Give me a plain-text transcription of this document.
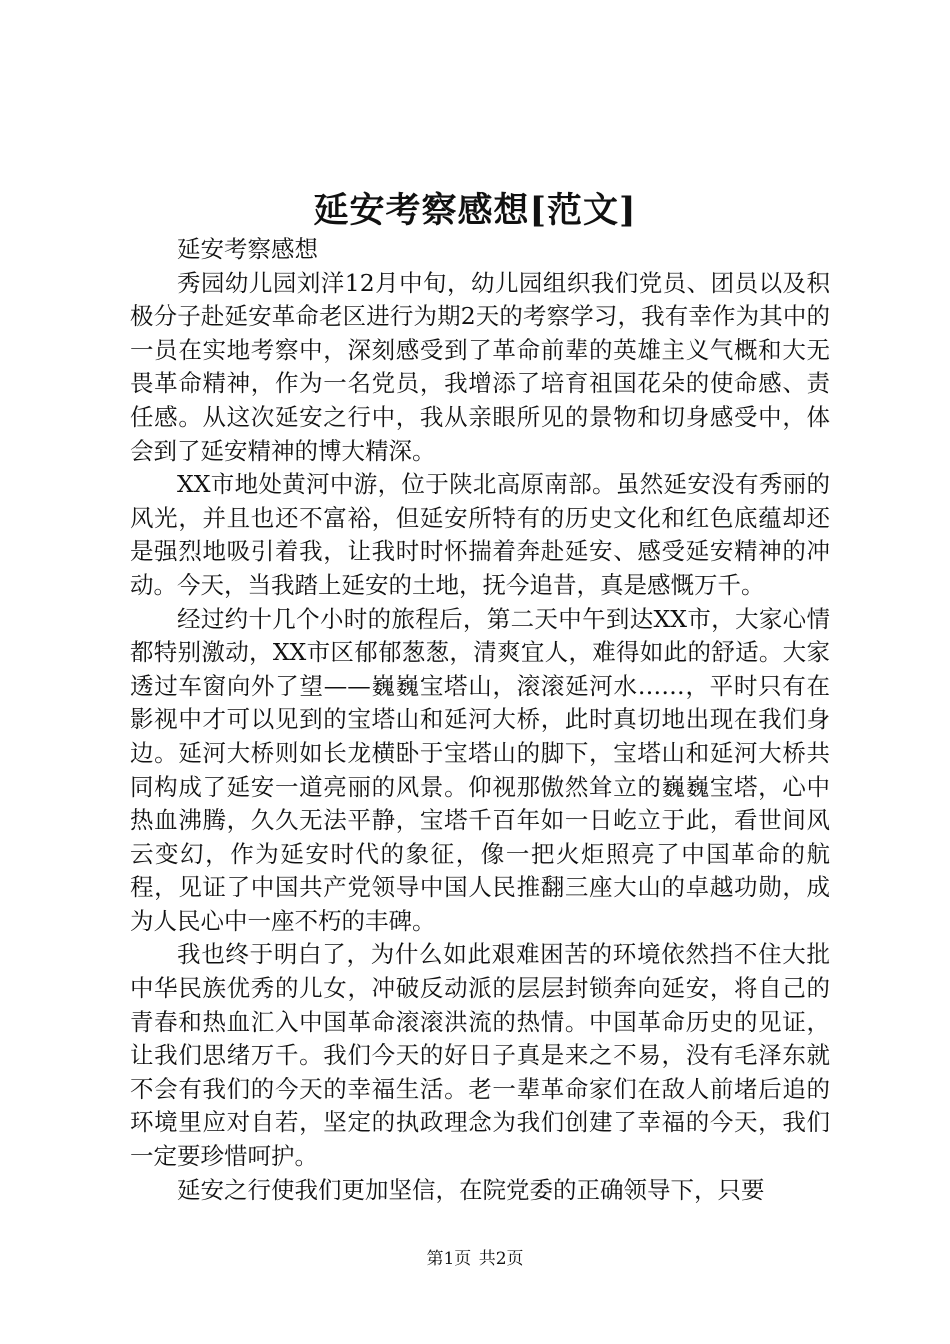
延安考察感想[范文]

延安考察感想

秀园幼儿园刘洋12月中旬，幼儿园组织我们党员、团员以及积极分子赴延安革命老区进行为期2天的考察学习，我有幸作为其中的一员在实地考察中，深刻感受到了革命前辈的英雄主义气概和大无畏革命精神，作为一名党员，我增添了培育祖国花朵的使命感、责任感。从这次延安之行中，我从亲眼所见的景物和切身感受中，体会到了延安精神的博大精深。

XX市地处黄河中游，位于陕北高原南部。虽然延安没有秀丽的风光，并且也还不富裕，但延安所特有的历史文化和红色底蕴却还是强烈地吸引着我，让我时时怀揣着奔赴延安、感受延安精神的冲动。今天，当我踏上延安的土地，抚今追昔，真是感慨万千。

经过约十几个小时的旅程后，第二天中午到达XX市，大家心情都特别激动，XX市区郁郁葱葱，清爽宜人，难得如此的舒适。大家透过车窗向外了望——巍巍宝塔山，滚滚延河水……，平时只有在影视中才可以见到的宝塔山和延河大桥，此时真切地出现在我们身边。延河大桥则如长龙横卧于宝塔山的脚下，宝塔山和延河大桥共同构成了延安一道亮丽的风景。仰视那傲然耸立的巍巍宝塔，心中热血沸腾，久久无法平静，宝塔千百年如一日屹立于此，看世间风云变幻，作为延安时代的象征，像一把火炬照亮了中国革命的航程，见证了中国共产党领导中国人民推翻三座大山的卓越功勋，成为人民心中一座不朽的丰碑。

我也终于明白了，为什么如此艰难困苦的环境依然挡不住大批中华民族优秀的儿女，冲破反动派的层层封锁奔向延安，将自己的青春和热血汇入中国革命滚滚洪流的热情。中国革命历史的见证，让我们思绪万千。我们今天的好日子真是来之不易，没有毛泽东就不会有我们的今天的幸福生活。老一辈革命家们在敌人前堵后追的环境里应对自若，坚定的执政理念为我们创建了幸福的今天，我们一定要珍惜呵护。

延安之行使我们更加坚信，在院党委的正确领导下，只要

第1页 共2页
